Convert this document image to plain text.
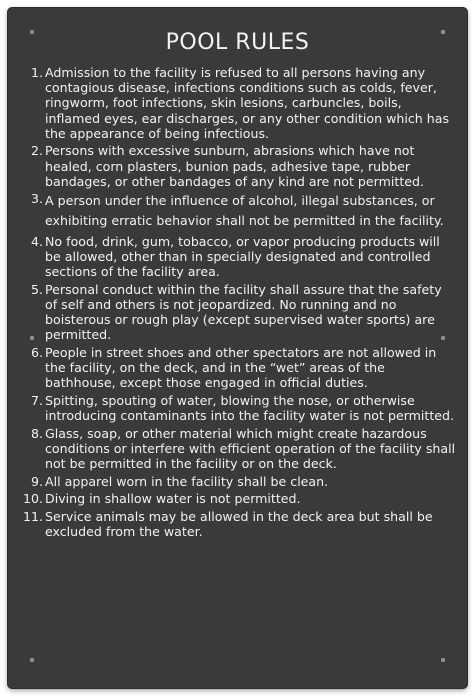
POOL RULES
1. Admission to the facility is refused to all persons having any contagious disease, infections conditions such as colds, fever, ringworm, foot infections, skin lesions, carbuncles, boils, inflamed eyes, ear discharges, or any other condition which has the appearance of being infectious.
2. Persons with excessive sunburn, abrasions which have not healed, corn plasters, bunion pads, adhesive tape, rubber bandages, or other bandages of any kind are not permitted.
3. A person under the influence of alcohol, illegal substances, or exhibiting erratic behavior shall not be permitted in the facility.
4. No food, drink, gum, tobacco, or vapor producing products will be allowed, other than in specially designated and controlled sections of the facility area.
5. Personal conduct within the facility shall assure that the safety of self and others is not jeopardized. No running and no boisterous or rough play (except supervised water sports) are permitted.
6. People in street shoes and other spectators are not allowed in the facility, on the deck, and in the “wet” areas of the bathhouse, except those engaged in official duties.
7. Spitting, spouting of water, blowing the nose, or otherwise introducing contaminants into the facility water is not permitted.
8. Glass, soap, or other material which might create hazardous conditions or interfere with efficient operation of the facility shall not be permitted in the facility or on the deck.
9. All apparel worn in the facility shall be clean.
10. Diving in shallow water is not permitted.
11. Service animals may be allowed in the deck area but shall be excluded from the water.
